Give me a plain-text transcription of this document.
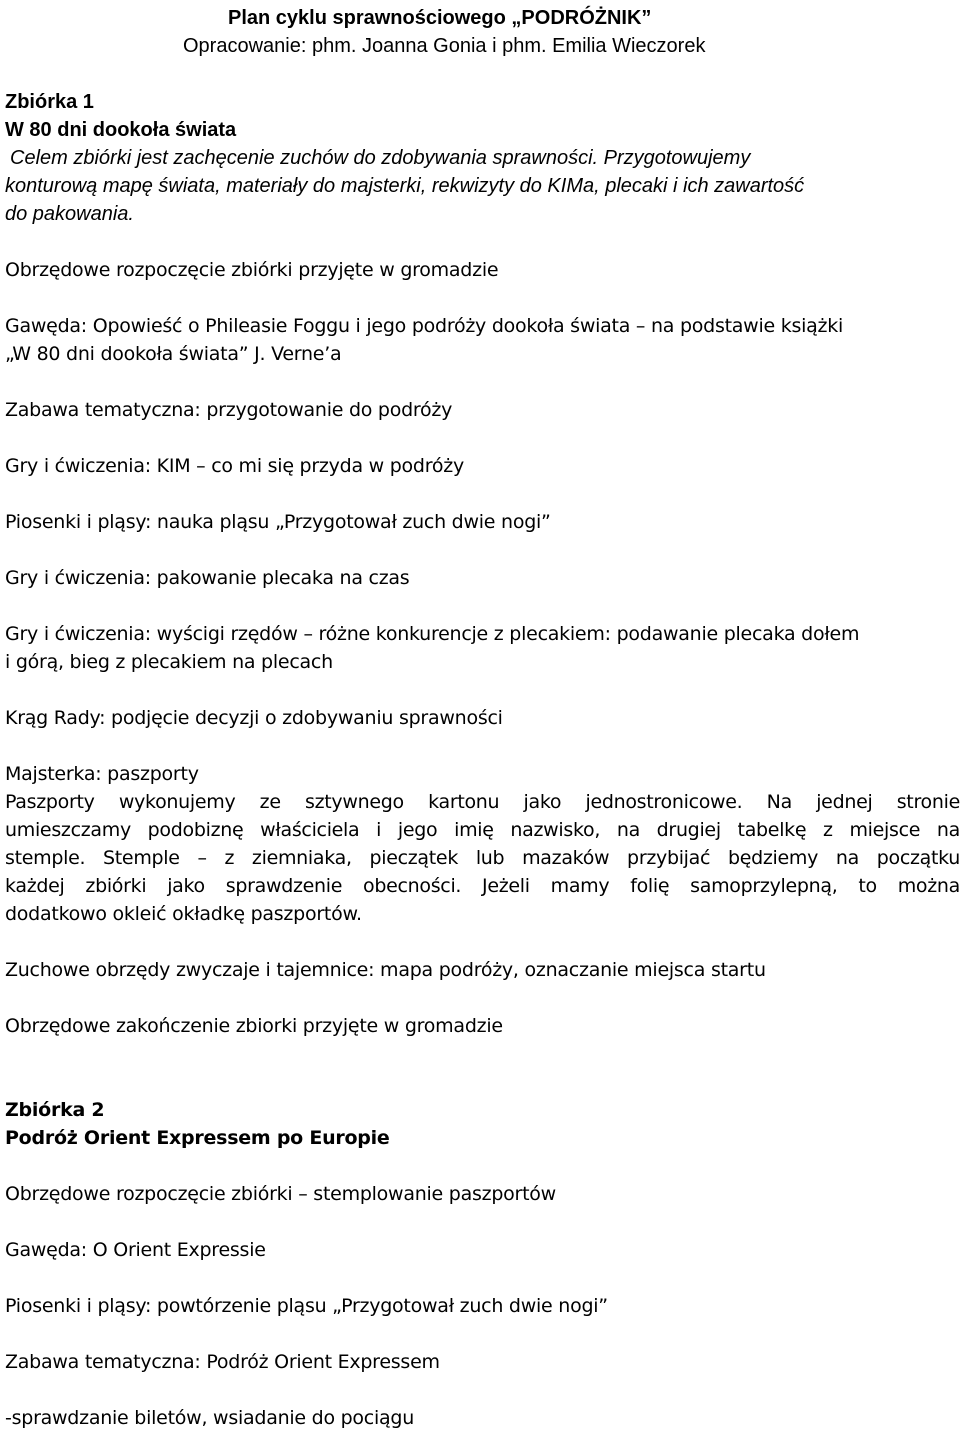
Plan cyklu sprawnościowego „PODRÓŻNIK”
Opracowanie: phm. Joanna Gonia i phm. Emilia Wieczorek
Zbiórka 1
W 80 dni dookoła świata
Celem zbiórki jest zachęcenie zuchów do zdobywania sprawności. Przygotowujemy
konturową mapę świata, materiały do majsterki, rekwizyty do KIMa, plecaki i ich zawartość
do pakowania.
Obrzędowe rozpoczęcie zbiórki przyjęte w gromadzie
Gawęda: Opowieść o Phileasie Foggu i jego podróży dookoła świata – na podstawie książki
„W 80 dni dookoła świata” J. Verne’a
Zabawa tematyczna: przygotowanie do podróży
Gry i ćwiczenia: KIM – co mi się przyda w podróży
Piosenki i pląsy: nauka pląsu „Przygotował zuch dwie nogi”
Gry i ćwiczenia: pakowanie plecaka na czas
Gry i ćwiczenia: wyścigi rzędów – różne konkurencje z plecakiem: podawanie plecaka dołem
i górą, bieg z plecakiem na plecach
Krąg Rady: podjęcie decyzji o zdobywaniu sprawności
Majsterka: paszporty
Paszporty wykonujemy ze sztywnego kartonu jako jednostronicowe. Na jednej stronie
umieszczamy podobiznę właściciela i jego imię nazwisko, na drugiej tabelkę z miejsce na
stemple. Stemple – z ziemniaka, pieczątek lub mazaków przybijać będziemy na początku
każdej zbiórki jako sprawdzenie obecności. Jeżeli mamy folię samoprzylepną, to można
dodatkowo okleić okładkę paszportów.
Zuchowe obrzędy zwyczaje i tajemnice: mapa podróży, oznaczanie miejsca startu
Obrzędowe zakończenie zbiorki przyjęte w gromadzie
Zbiórka 2
Podróż Orient Expressem po Europie
Obrzędowe rozpoczęcie zbiórki – stemplowanie paszportów
Gawęda: O Orient Expressie
Piosenki i pląsy: powtórzenie pląsu „Przygotował zuch dwie nogi”
Zabawa tematyczna: Podróż Orient Expressem
-sprawdzanie biletów, wsiadanie do pociągu
